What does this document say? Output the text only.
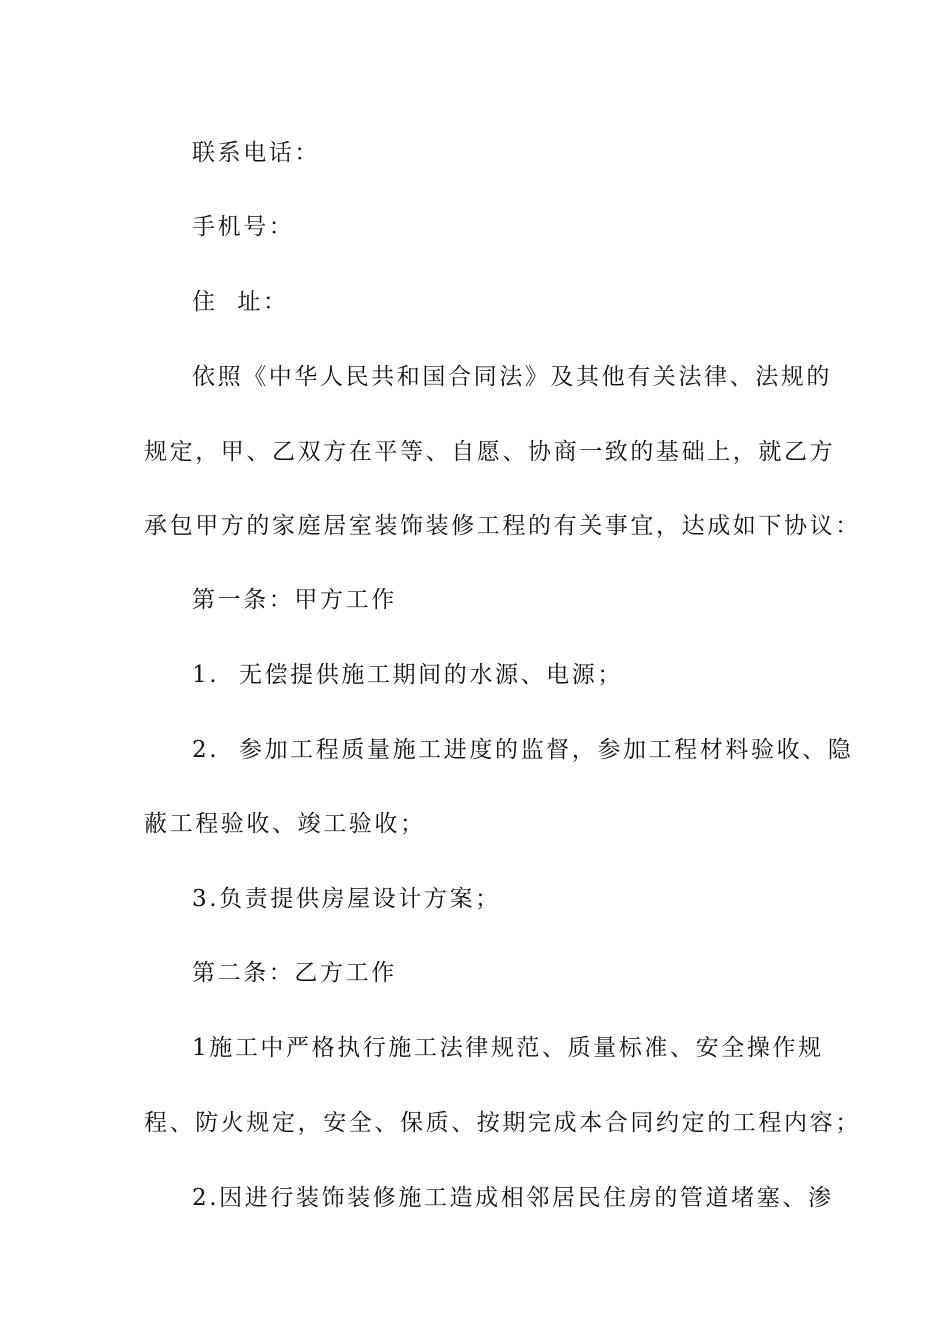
联系电话：

手机号：

住  址：

依照《中华人民共和国合同法》及其他有关法律、法规的

规定，甲、乙双方在平等、自愿、协商一致的基础上，就乙方

承包甲方的家庭居室装饰装修工程的有关事宜，达成如下协议：

第一条：甲方工作

1.  无偿提供施工期间的水源、电源；

2.  参加工程质量施工进度的监督，参加工程材料验收、隐

蔽工程验收、竣工验收；

3.负责提供房屋设计方案；

第二条：乙方工作

1施工中严格执行施工法律规范、质量标准、安全操作规

程、防火规定，安全、保质、按期完成本合同约定的工程内容；

2.因进行装饰装修施工造成相邻居民住房的管道堵塞、渗
